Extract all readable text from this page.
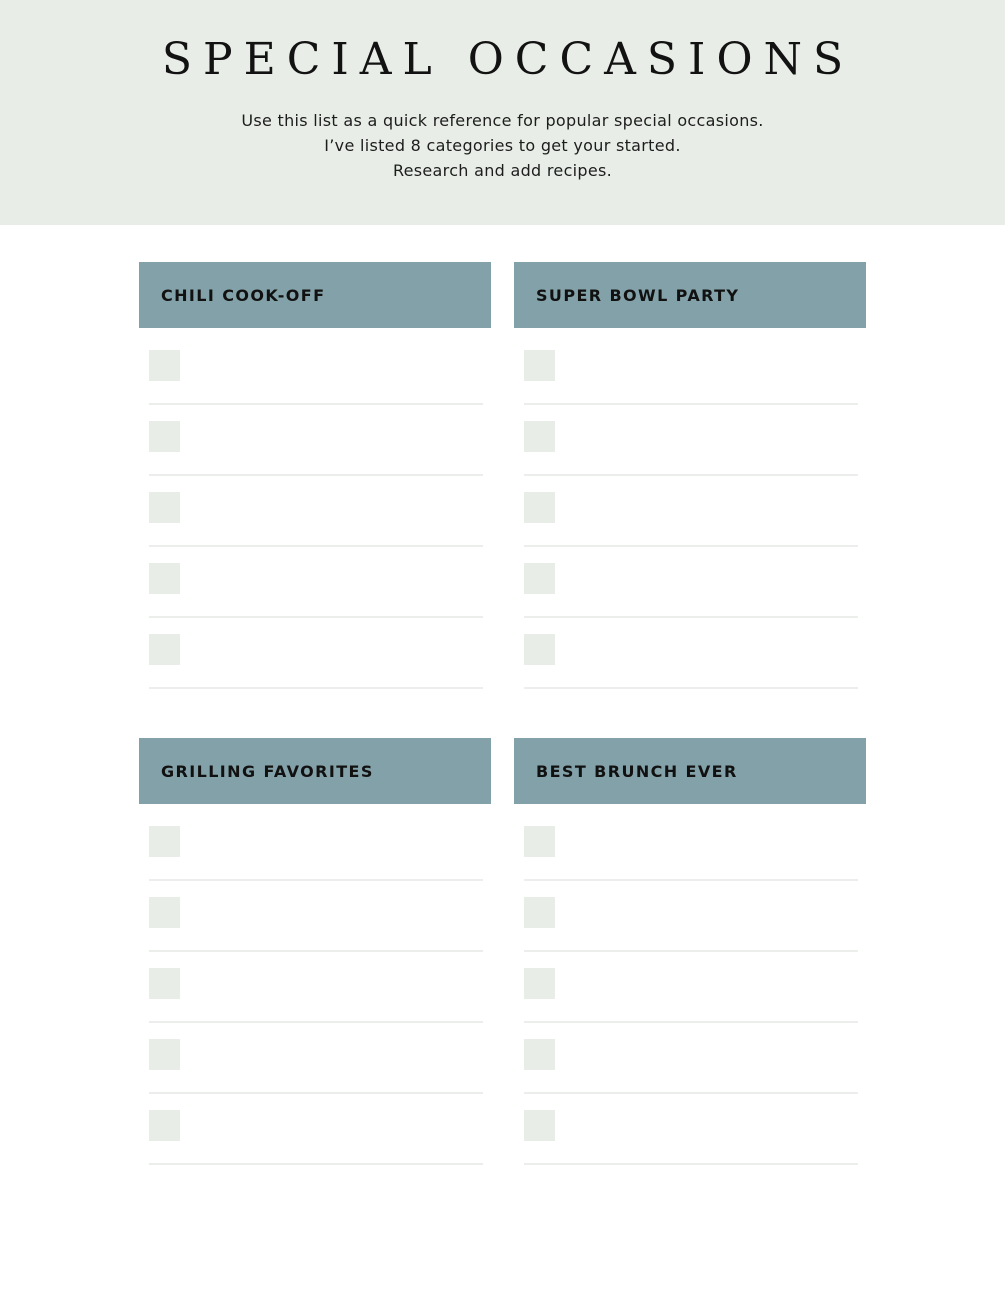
SPECIAL OCCASIONS
Use this list as a quick reference for popular special occasions.
I’ve listed 8 categories to get your started.
Research and add recipes.
CHILI COOK-OFF	SUPER BOWL PARTY
GRILLING FAVORITES	BEST BRUNCH EVER
